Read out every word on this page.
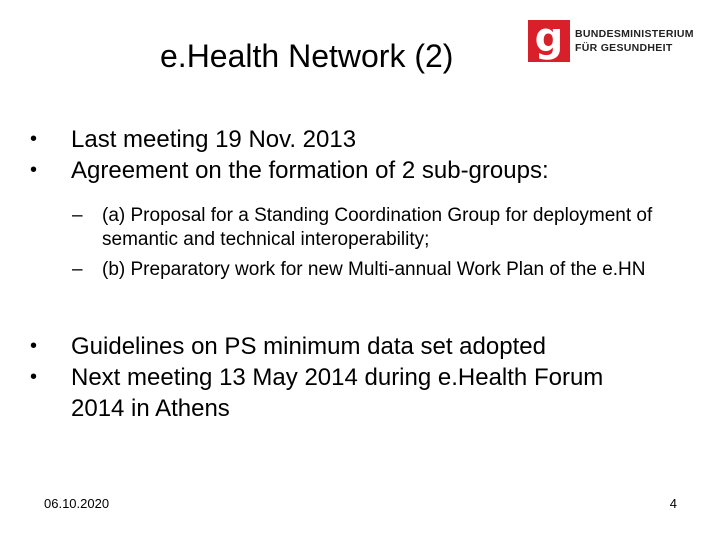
e.Health Network (2) g BUNDESMINISTERIUM
FÜR GESUNDHEIT
• Last meeting 19 Nov. 2013
• Agreement on the formation of 2 sub-groups:
– (a) Proposal for a Standing Coordination Group for deployment of semantic and technical interoperability;
– (b) Preparatory work for new Multi-annual Work Plan of the e.HN
• Guidelines on PS minimum data set adopted
• Next meeting 13 May 2014 during e.Health Forum 2014 in Athens
06.10.2020	4
